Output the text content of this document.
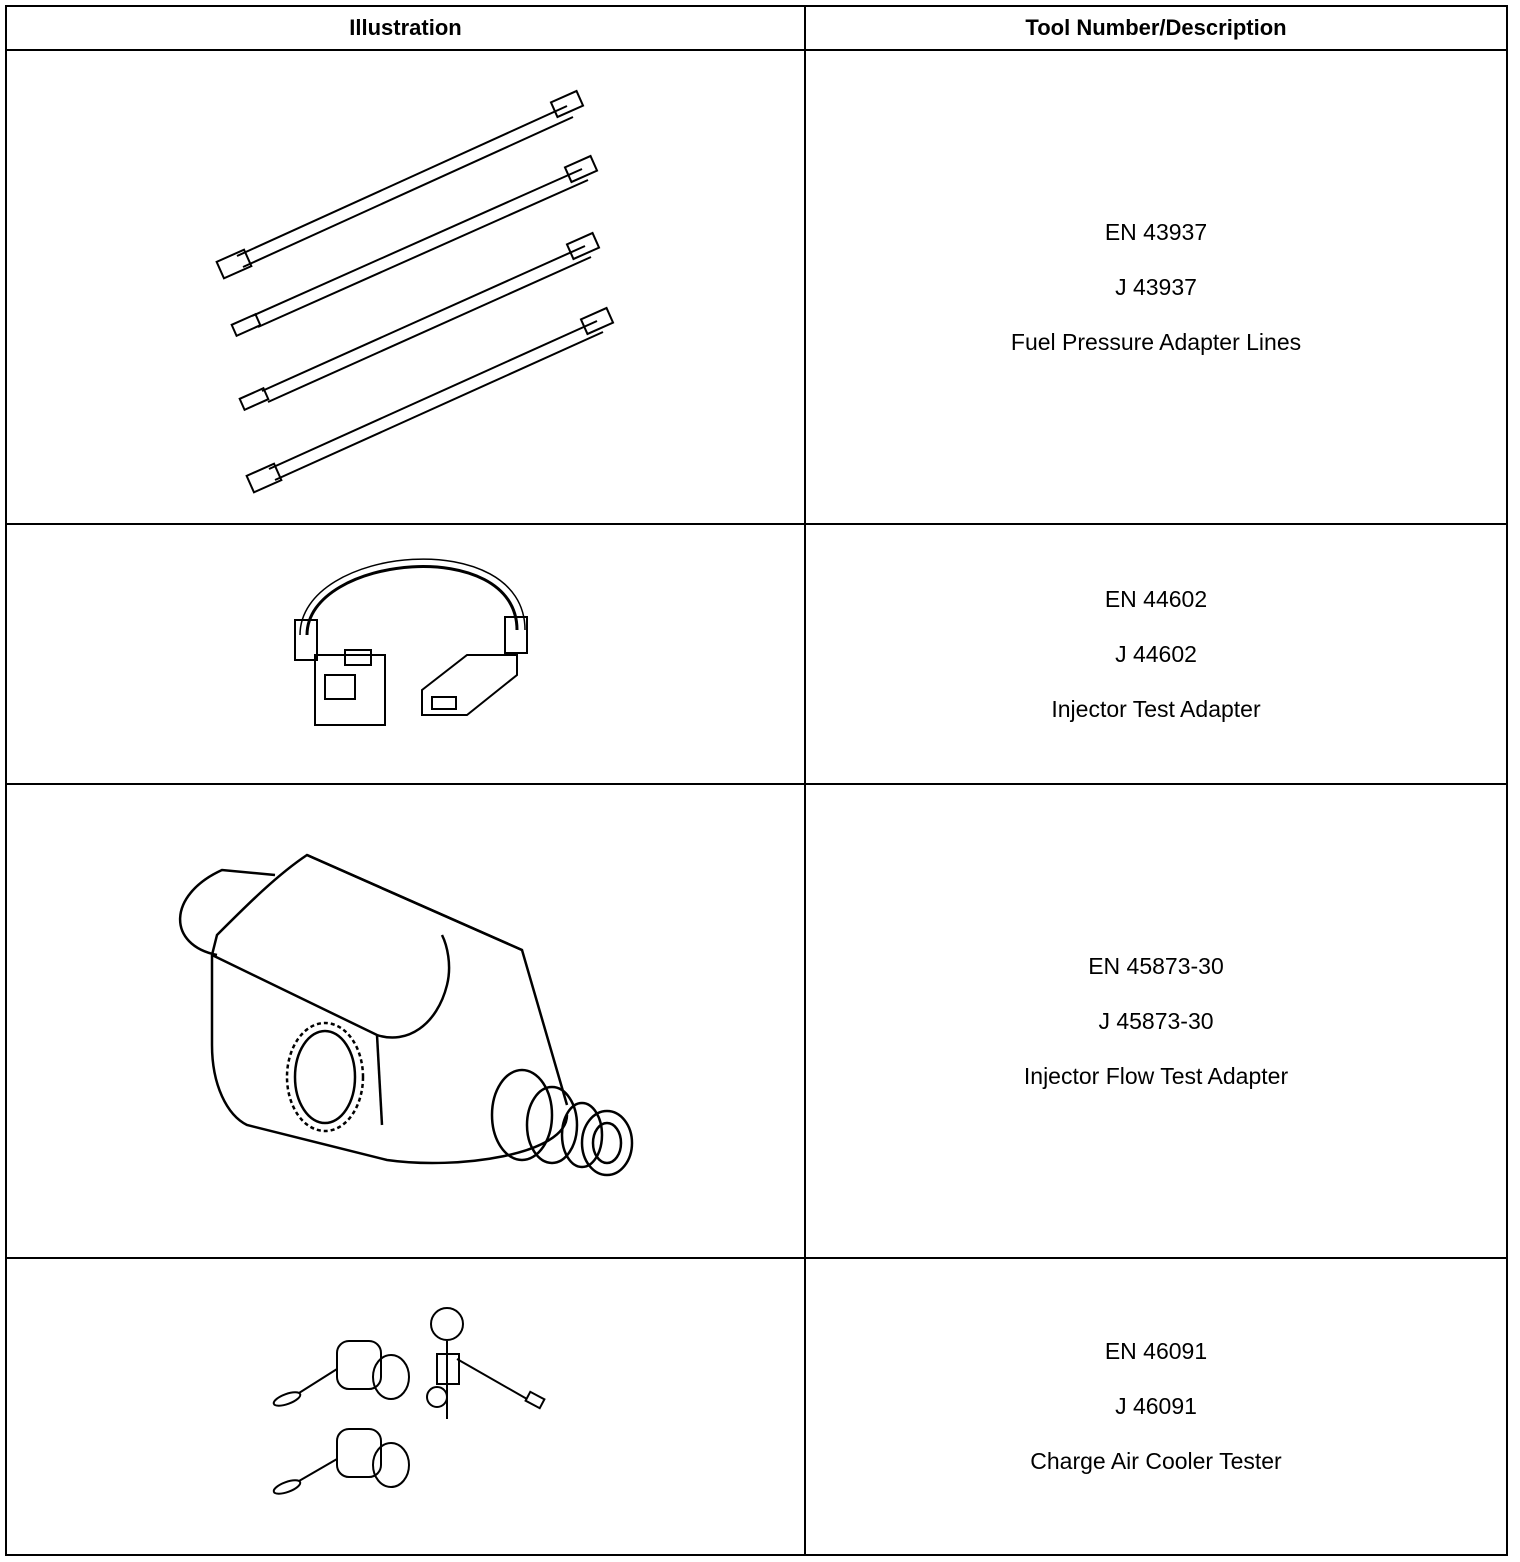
Illustration	Tool Number/Description

EN 43937
J 43937
Fuel Pressure Adapter Lines

EN 44602
J 44602
Injector Test Adapter

EN 45873-30
J 45873-30
Injector Flow Test Adapter

EN 46091
J 46091
Charge Air Cooler Tester
